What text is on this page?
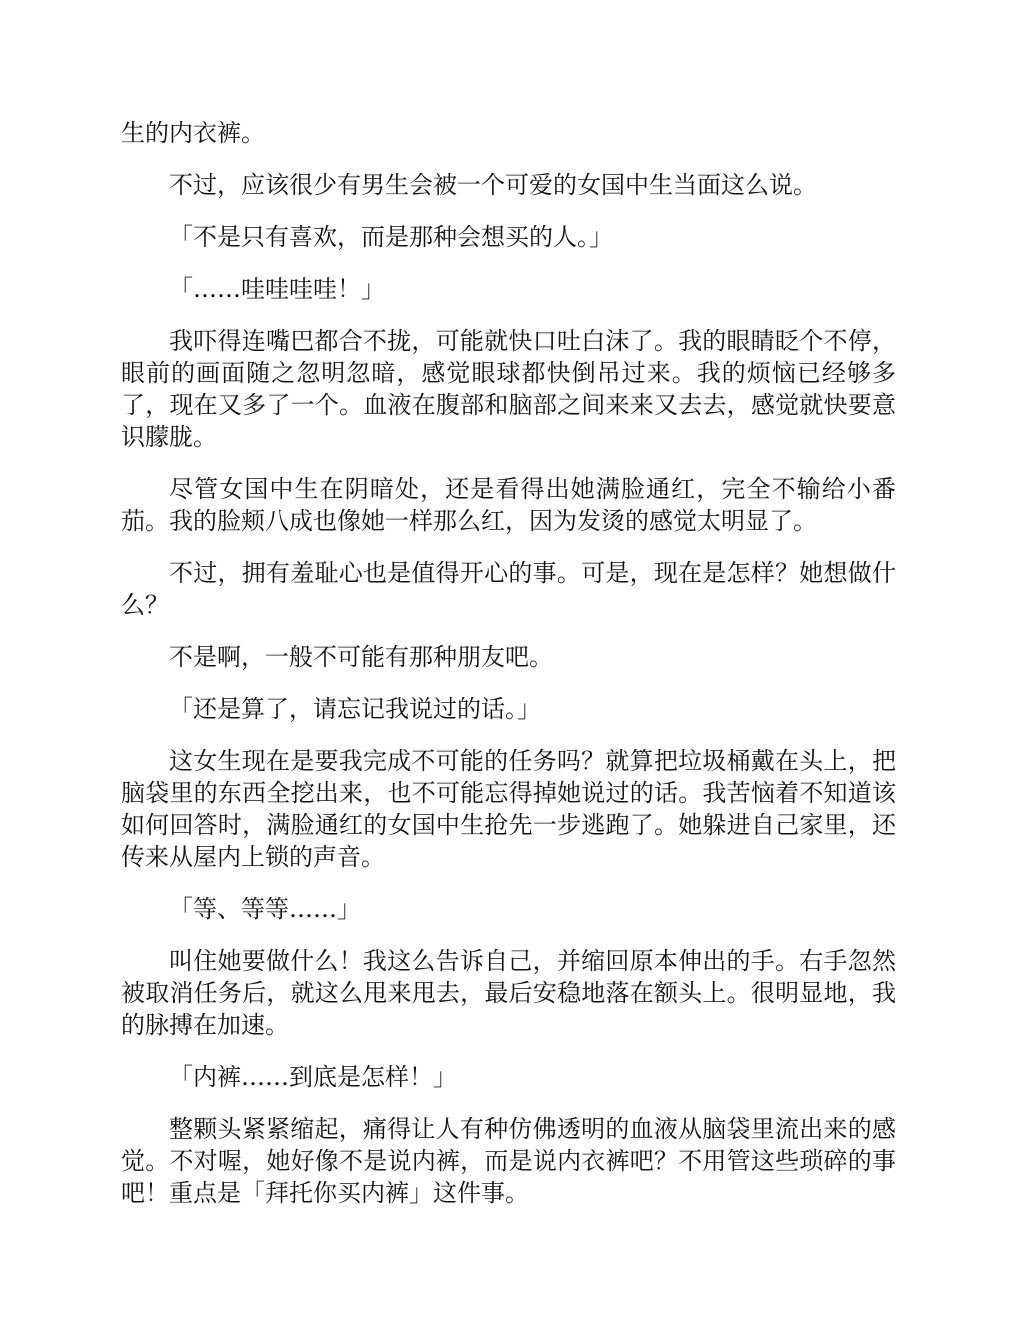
生的内衣裤。

不过，应该很少有男生会被一个可爱的女国中生当面这么说。

「不是只有喜欢，而是那种会想买的人。」

「……哇哇哇哇！」

我吓得连嘴巴都合不拢，可能就快口吐白沫了。我的眼睛眨个不停，眼前的画面随之忽明忽暗，感觉眼球都快倒吊过来。我的烦恼已经够多了，现在又多了一个。血液在腹部和脑部之间来来又去去，感觉就快要意识朦胧。

尽管女国中生在阴暗处，还是看得出她满脸通红，完全不输给小番茄。我的脸颊八成也像她一样那么红，因为发烫的感觉太明显了。

不过，拥有羞耻心也是值得开心的事。可是，现在是怎样？她想做什么？

不是啊，一般不可能有那种朋友吧。

「还是算了，请忘记我说过的话。」

这女生现在是要我完成不可能的任务吗？就算把垃圾桶戴在头上，把脑袋里的东西全挖出来，也不可能忘得掉她说过的话。我苦恼着不知道该如何回答时，满脸通红的女国中生抢先一步逃跑了。她躲进自己家里，还传来从屋内上锁的声音。

「等、等等……」

叫住她要做什么！我这么告诉自己，并缩回原本伸出的手。右手忽然被取消任务后，就这么甩来甩去，最后安稳地落在额头上。很明显地，我的脉搏在加速。

「内裤……到底是怎样！」

整颗头紧紧缩起，痛得让人有种仿佛透明的血液从脑袋里流出来的感觉。不对喔，她好像不是说内裤，而是说内衣裤吧？不用管这些琐碎的事吧！重点是「拜托你买内裤」这件事。
